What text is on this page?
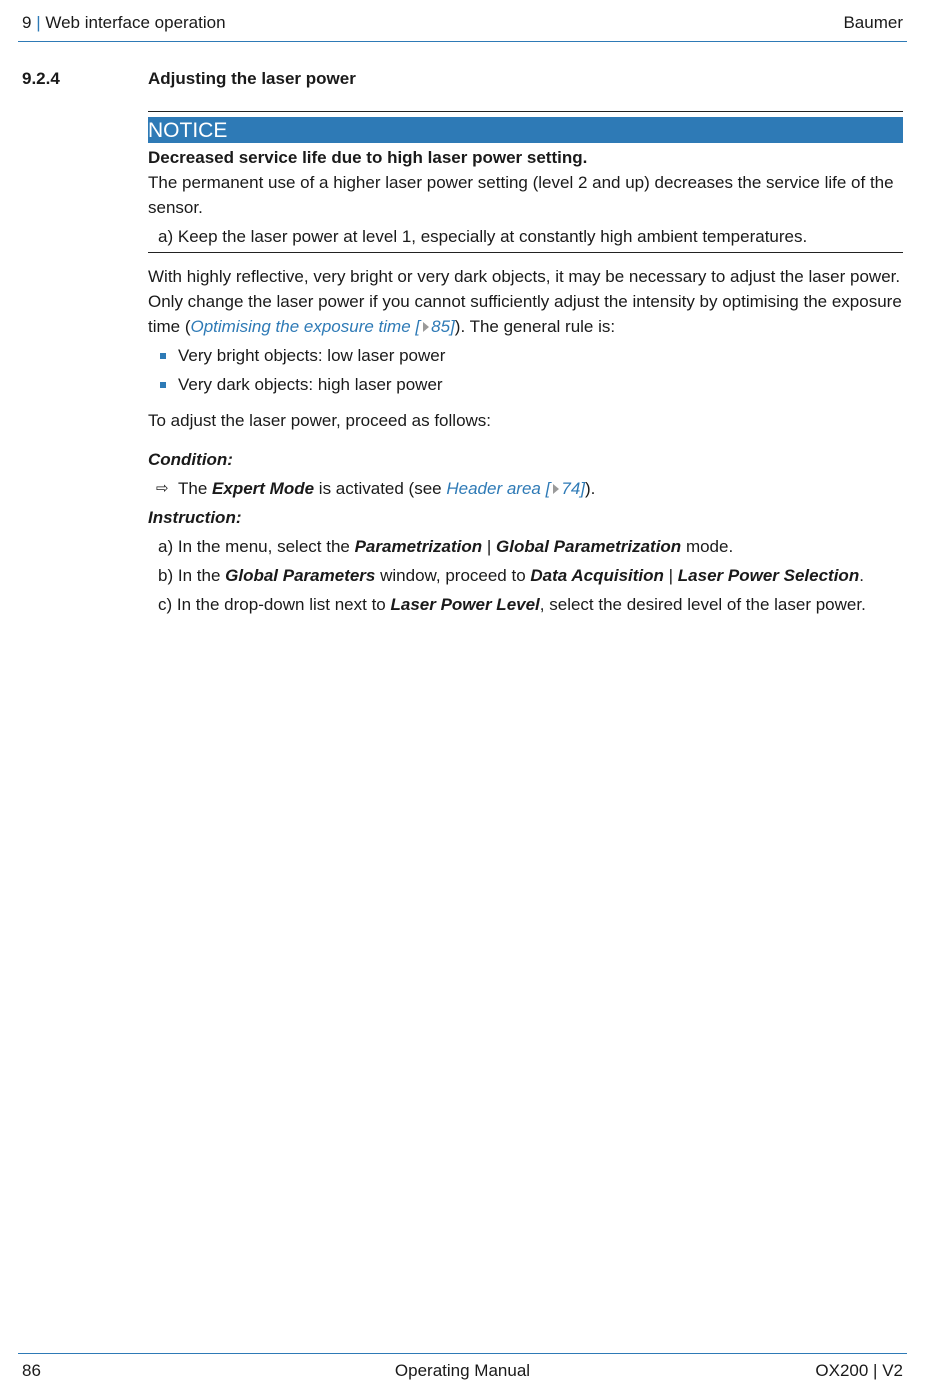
9 | Web interface operation	Baumer
9.2.4	Adjusting the laser power
NOTICE
Decreased service life due to high laser power setting.

The permanent use of a higher laser power setting (level 2 and up) decreases the service life of the sensor.

a) Keep the laser power at level 1, especially at constantly high ambient temperatures.

With highly reflective, very bright or very dark objects, it may be necessary to adjust the laser power. Only change the laser power if you cannot sufficiently adjust the intensity by optimising the exposure time (Optimising the exposure time [ 85]). The general rule is:

Very bright objects: low laser power
Very dark objects: high laser power

To adjust the laser power, proceed as follows:

Condition:
⇨ The Expert Mode is activated (see Header area [ 74]).
Instruction:
a) In the menu, select the Parametrization | Global Parametrization mode.
b) In the Global Parameters window, proceed to Data Acquisition | Laser Power Selection.
c) In the drop-down list next to Laser Power Level, select the desired level of the laser power.
86	Operating Manual	OX200 | V2
